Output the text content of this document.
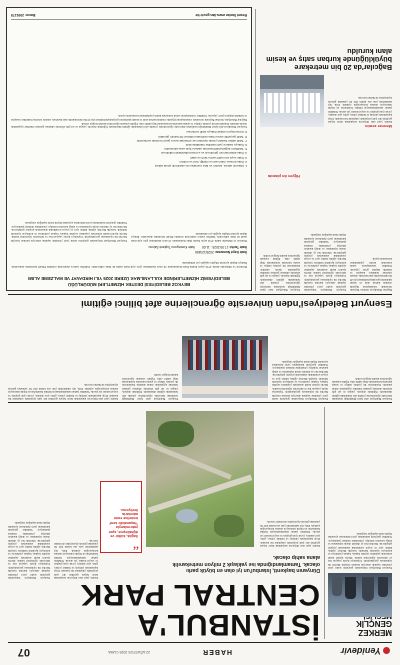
Yenidevir
HABER
22 AĞUSTOS 2025 CUMA
07
MERKEZ GENÇLİK
Esenyurt Belediyesi bünyesinde gençlerin sesini yerel yönetime taşımak amacıyla kurulan Gençlik Meclisi ilk toplantısını gerçekleştirdi. Toplantıya ilçede yaşayan lise ve üniversite öğrencileri katıldı. Meclis üyeleri kendi aralarında yaptıkları seçimle başkan, başkan yardımcısı ve komisyon üyelerini belirledi. Gençlik Meclisi; eğitim, kültür, spor ve sosyal sorumluluk alanlarında projeler geliştirecek. Meclisin her ay düzenli olarak toplanması ve aldığı kararları belediye yönetimine iletmesi planlanıyor. Yetkililer gençlerin katılımının yerel demokrasi açısından büyük önem taşıdığını vurguladı.
İSTANBUL'A
CENTRAL PARK
Dünyanın başkenti, İstanbul'un iyi olan en büyük parkı olacak. Tamamlandığında ise yaklaşık 2 milyon metrekarelik alana sahip olacak.
Kentin yeşil alan ihtiyacını karşılamak üzere hayata geçirilen dev park projesinde çalışmalar hız kazandı. Proje kapsamında yürüyüş ve bisiklet yolları, gölet, spor alanları, çocuk oyun grupları ve sosyal tesisler yer alacak. Yetkililer parkın tamamlanmasıyla birlikte İstanbul'un en büyük rekreasyon alanına kavuşacağını açıkladı. Park, ilçe sakinlerinin yanı sıra kentin dört bir yanından gelecek ziyaretçilere de hizmet verecek.
“
Sağlık, kültür ve dijitalleşme, spor yatırımlarıyla 'Yaşanabilir kent' hedefine emin adımlarla ilerliyoruz.
Kentin yeşil alan ihtiyacını karşılamak üzere hayata geçirilen dev park projesinde çalışmalar hız kazandı. Proje kapsamında yürüyüş ve bisiklet yolları, gölet, spor alanları, çocuk oyun grupları ve sosyal tesisler yer alacak. Yetkililer parkın tamamlanmasıyla birlikte İstanbul'un en büyük rekreasyon alanına kavuşacağını açıkladı. Park, ilçe sakinlerinin yanı sıra kentin dört bir yanından gelecek ziyaretçilere de hizmet verecek.
Esenyurt Belediyesi bünyesinde gençlerin sesini yerel yönetime taşımak amacıyla kurulan Gençlik Meclisi ilk toplantısını gerçekleştirdi. Toplantıya ilçede yaşayan lise ve üniversite öğrencileri katıldı. Meclis üyeleri kendi aralarında yaptıkları seçimle başkan, başkan yardımcısı ve komisyon üyelerini belirledi. Gençlik Meclisi; eğitim, kültür, spor ve sosyal sorumluluk alanlarında projeler geliştirecek. Meclisin her ay düzenli olarak toplanması ve aldığı kararları belediye yönetimine iletmesi planlanıyor. Yetkililer gençlerin katılımının yerel demokrasi açısından büyük önem taşıdığını vurguladı.
Esenyurt Belediyesi Afet İşleri Müdürlüğü tarafından üniversite öğrencilerine yönelik afet farkındalık eğitimi düzenlendi. Eğitimde deprem, yangın ve sel gibi afetlerde alınması gereken önlemler uygulamalı olarak anlatıldı. Katılımcılar ilk yardım, tahliye ve arama kurtarma konularında bilgi sahibi oldu. Eğitim sonunda öğrencilere katılım belgesi verildi.
Esenyurt Belediyesi bünyesinde gençlerin sesini yerel yönetime taşımak amacıyla kurulan Gençlik Meclisi ilk toplantısını gerçekleştirdi. Toplantıya ilçede yaşayan lise ve üniversite öğrencileri katıldı. Meclis üyeleri kendi aralarında yaptıkları seçimle başkan, başkan yardımcısı ve komisyon üyelerini belirledi. Gençlik Meclisi; eğitim, kültür, spor ve sosyal sorumluluk alanlarında projeler geliştirecek. Meclisin her ay düzenli olarak toplanması ve aldığı kararları belediye yönetimine iletmesi planlanıyor. Yetkililer gençlerin katılımının yerel demokrasi açısından büyük önem taşıdığını vurguladı.
Esenyurt Belediyesi Afet İşleri Müdürlüğü tarafından üniversite öğrencilerine yönelik afet farkındalık eğitimi düzenlendi. Eğitimde deprem, yangın ve sel gibi afetlerde alınması gereken önlemler uygulamalı olarak anlatıldı. Katılımcılar ilk yardım, tahliye ve arama kurtarma konularında bilgi sahibi oldu. Eğitim sonunda öğrencilere katılım belgesi verildi.
Kentin yeşil alan ihtiyacını karşılamak üzere hayata geçirilen dev park projesinde çalışmalar hız kazandı. Proje kapsamında yürüyüş ve bisiklet yolları, gölet, spor alanları, çocuk oyun grupları ve sosyal tesisler yer alacak. Yetkililer parkın tamamlanmasıyla birlikte İstanbul'un en büyük rekreasyon alanına kavuşacağını açıkladı. Park, ilçe sakinlerinin yanı sıra kentin dört bir yanından gelecek ziyaretçilere de hizmet verecek.
Esenyurt Belediyesi'nden üniversite öğrencilerine afet bilinci eğitimi
Bağcılar Belediyesi, Kurban Bayramı öncesinde vatandaşların hijyenik ortamda kurban alım ve kesim işlemlerini gerçekleştirebilmesi için 20 bin metrekarelik alan hazırladı. Alanda veteriner hekimler, kasaplar ve temizlik ekipleri görev yapacak. Yetkililer vatandaşların sokak aralarında kesim yapmamaları konusunda uyardı.
Esenyurt Belediyesi bünyesinde gençlerin sesini yerel yönetime taşımak amacıyla kurulan Gençlik Meclisi ilk toplantısını gerçekleştirdi. Toplantıya ilçede yaşayan lise ve üniversite öğrencileri katıldı. Meclis üyeleri kendi aralarında yaptıkları seçimle başkan, başkan yardımcısı ve komisyon üyelerini belirledi. Gençlik Meclisi; eğitim, kültür, spor ve sosyal sorumluluk alanlarında projeler geliştirecek. Meclisin her ay düzenli olarak toplanması ve aldığı kararları belediye yönetimine iletmesi planlanıyor. Yetkililer gençlerin katılımının yerel demokrasi açısından büyük önem taşıdığını vurguladı.
Esenyurt Belediyesi Afet İşleri Müdürlüğü tarafından üniversite öğrencilerine yönelik afet farkındalık eğitimi düzenlendi. Eğitimde deprem, yangın ve sel gibi afetlerde alınması gereken önlemler uygulamalı olarak anlatıldı. Katılımcılar ilk yardım, tahliye ve arama kurtarma konularında bilgi sahibi oldu. Eğitim sonunda öğrencilere katılım belgesi verildi.
Hijyen ön planda
Mermer zemin
Kentin yeşil alan ihtiyacını karşılamak üzere hayata geçirilen dev park projesinde çalışmalar hız kazandı. Proje kapsamında yürüyüş ve bisiklet yolları, gölet, spor alanları, çocuk oyun grupları ve sosyal tesisler yer alacak. Yetkililer parkın tamamlanmasıyla birlikte İstanbul'un en büyük rekreasyon alanına kavuşacağını açıkladı. Park, ilçe sakinlerinin yanı sıra kentin dört bir yanından gelecek ziyaretçilere de hizmet verecek.
Bağcılar'da 20 bin metrekare büyüklüğünde kurban satış ve kesim alanı kuruldu
BEYKOZ BELEDİYESİ DESTEK HİZMETLERİ MÜDÜRLÜĞÜ
BELEDİYEMİZ HİZMETLERİNDE KULLANILMAK ÜZERE 2025 YILI HIRDAVAT VE MALZEME ALIMI
Hırdavat ve Malzeme Alımı 4734 sayılı Kamu İhale Kanununun 19 uncu maddesine göre açık ihale usulü ile ihale edilecektir. Teklifler sadece elektronik ortamda EKAP üzerinden alınacaktır. İhaleye ilişkin ayrıntılı bilgiler aşağıda yer almaktadır.
İhale Kayıt Numarası: 2025/123456
İhale Tarihi: 17.09.2025 - 11:00 İhale Komisyonu Toplantı Salonu
Hırdavat ve Malzeme Alımı 4734 sayılı Kamu İhale Kanununun 19 uncu maddesine göre açık ihale usulü ile ihale edilecektir. Teklifler sadece elektronik ortamda EKAP üzerinden alınacaktır. İhaleye ilişkin ayrıntılı bilgiler aşağıda yer almaktadır.
Esenyurt Belediyesi bünyesinde gençlerin sesini yerel yönetime taşımak amacıyla kurulan Gençlik Meclisi ilk toplantısını gerçekleştirdi. Toplantıya ilçede yaşayan lise ve üniversite öğrencileri katıldı. Meclis üyeleri kendi aralarında yaptıkları seçimle başkan, başkan yardımcısı ve komisyon üyelerini belirledi. Gençlik Meclisi; eğitim, kültür, spor ve sosyal sorumluluk alanlarında projeler geliştirecek. Meclisin her ay düzenli olarak toplanması ve aldığı kararları belediye yönetimine iletmesi planlanıyor. Yetkililer gençlerin katılımının yerel demokrasi açısından büyük önem taşıdığını vurguladı.
1. İdarenin adresi, telefon ve faks numarası ile elektronik posta adresi
2. İhale konusu malın adı ve niteliği, türü ve miktarı
3. İhale veya son teklif verme tarih ve saati
4. İhale dokümanının görülmesi ve e-imza kullanılarak indirilmesi
5. Tekliflerin değerlendirilmesinde sadece fiyat esas alınacaktır
6. İhaleye sadece yerli istekliler katılabilecektir
7. Teklif edilen bedelin yüzde üçünden az olmamak üzere geçici teminat verilecektir
8. Teklif geçerlilik süresi ihale tarihinden itibaren 60 takvim günüdür
9. Konsorsiyum olarak ihaleye teklif verilemez
Esenyurt Belediyesi Afet İşleri Müdürlüğü tarafından üniversite öğrencilerine yönelik afet farkındalık eğitimi düzenlendi. Eğitimde deprem, yangın ve sel gibi afetlerde alınması gereken önlemler uygulamalı olarak anlatıldı. Katılımcılar ilk yardım, tahliye ve arama kurtarma konularında bilgi sahibi oldu. Eğitim sonunda öğrencilere katılım belgesi verildi.
Bağcılar Belediyesi, Kurban Bayramı öncesinde vatandaşların hijyenik ortamda kurban alım ve kesim işlemlerini gerçekleştirebilmesi için 20 bin metrekarelik alan hazırladı. Alanda veteriner hekimler, kasaplar ve temizlik ekipleri görev yapacak. Yetkililer vatandaşların sokak aralarında kesim yapmamaları konusunda uyardı.
Resmi İlanlar www.ilan.gov.tr'de
Basın: 2091175
